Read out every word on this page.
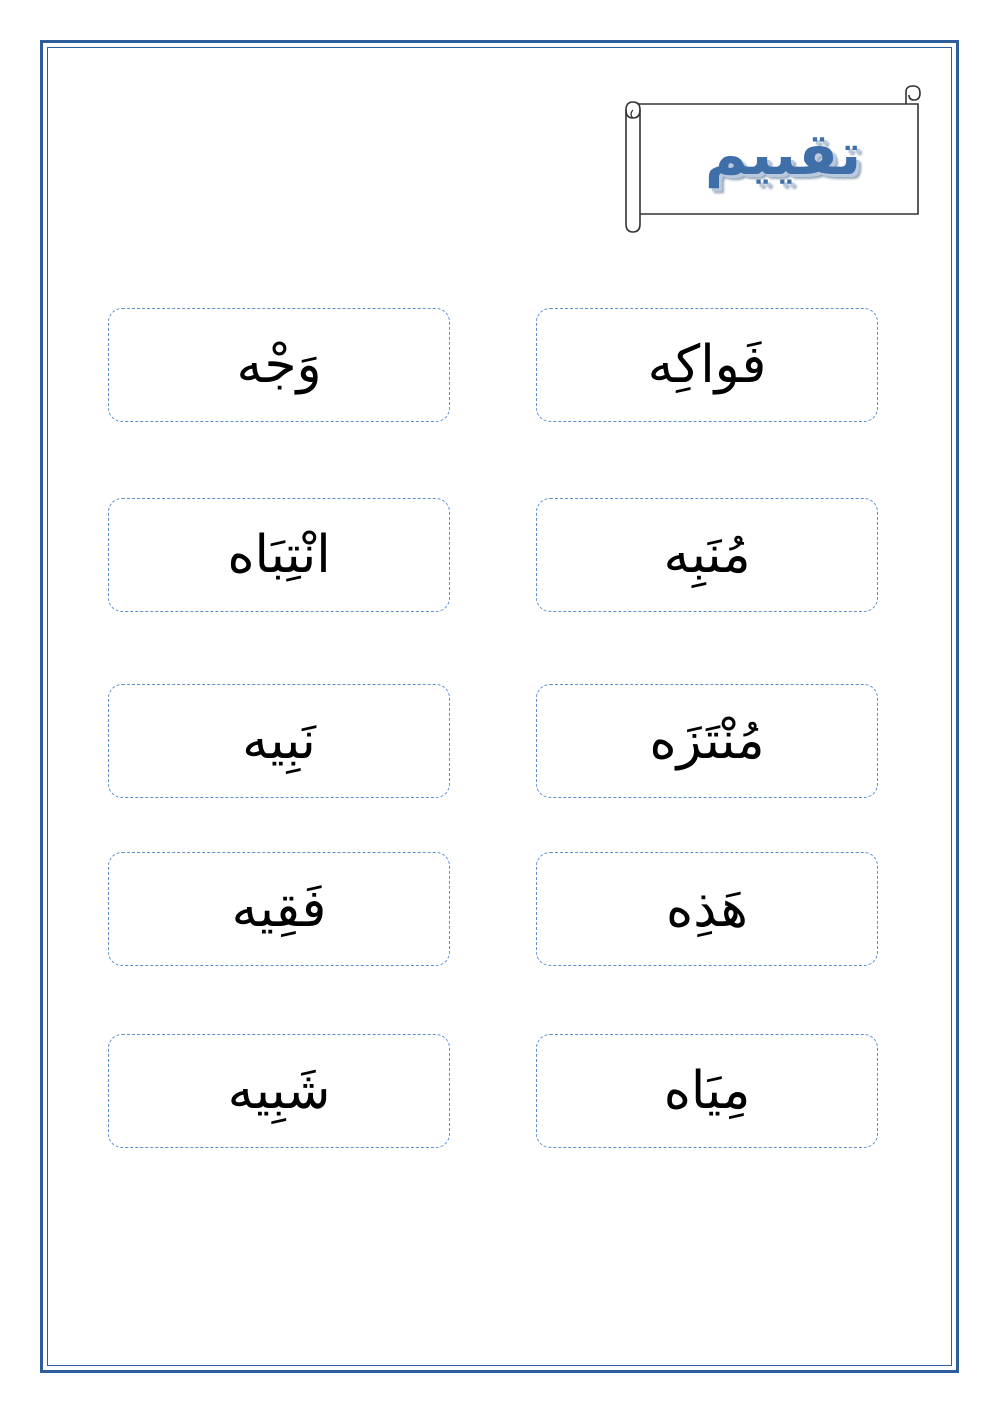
تقييم
فَواكِه
وَجْه
مُنَبِه
انْتِبَاه
مُنْتَزَه
نَبِيه
هَذِه
فَقِيه
مِيَاه
شَبِيه
